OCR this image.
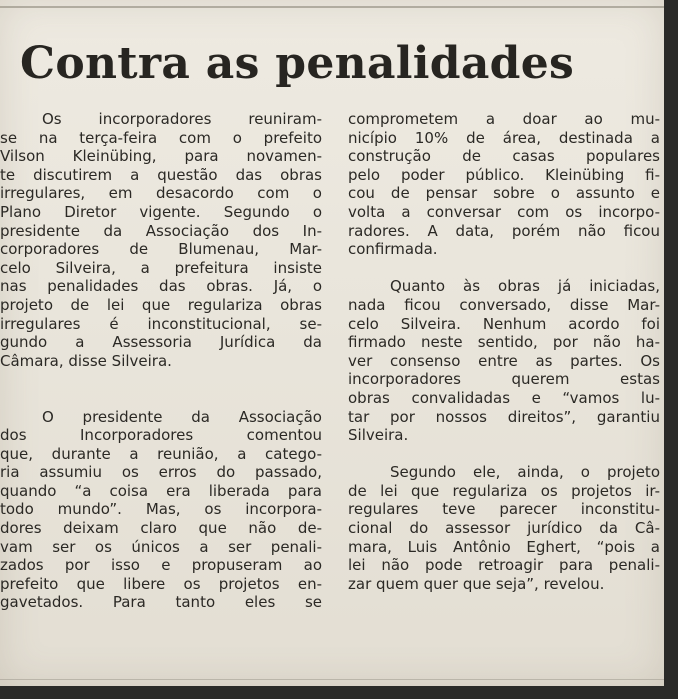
Contra as penalidades
Os incorporadores reuniram-
se na terça-feira com o prefeito
Vilson Kleinübing, para novamen-
te discutirem a questão das obras
irregulares, em desacordo com o
Plano Diretor vigente. Segundo o
presidente da Associação dos In-
corporadores de Blumenau, Mar-
celo Silveira, a prefeitura insiste
nas penalidades das obras. Já, o
projeto de lei que regulariza obras
irregulares é inconstitucional, se-
gundo a Assessoria Jurídica da
Câmara, disse Silveira.
O presidente da Associação
dos Incorporadores comentou
que, durante a reunião, a catego-
ria assumiu os erros do passado,
quando “a coisa era liberada para
todo mundo”. Mas, os incorpora-
dores deixam claro que não de-
vam ser os únicos a ser penali-
zados por isso e propuseram ao
prefeito que libere os projetos en-
gavetados. Para tanto eles se
comprometem a doar ao mu-
nicípio 10% de área, destinada a
construção de casas populares
pelo poder público. Kleinübing fi-
cou de pensar sobre o assunto e
volta a conversar com os incorpo-
radores. A data, porém não ficou
confirmada.
Quanto às obras já iniciadas,
nada ficou conversado, disse Mar-
celo Silveira. Nenhum acordo foi
firmado neste sentido, por não ha-
ver consenso entre as partes. Os
incorporadores querem estas
obras convalidadas e “vamos lu-
tar por nossos direitos”, garantiu
Silveira.
Segundo ele, ainda, o projeto
de lei que regulariza os projetos ir-
regulares teve parecer inconstitu-
cional do assessor jurídico da Câ-
mara, Luis Antônio Eghert, “pois a
lei não pode retroagir para penali-
zar quem quer que seja”, revelou.
